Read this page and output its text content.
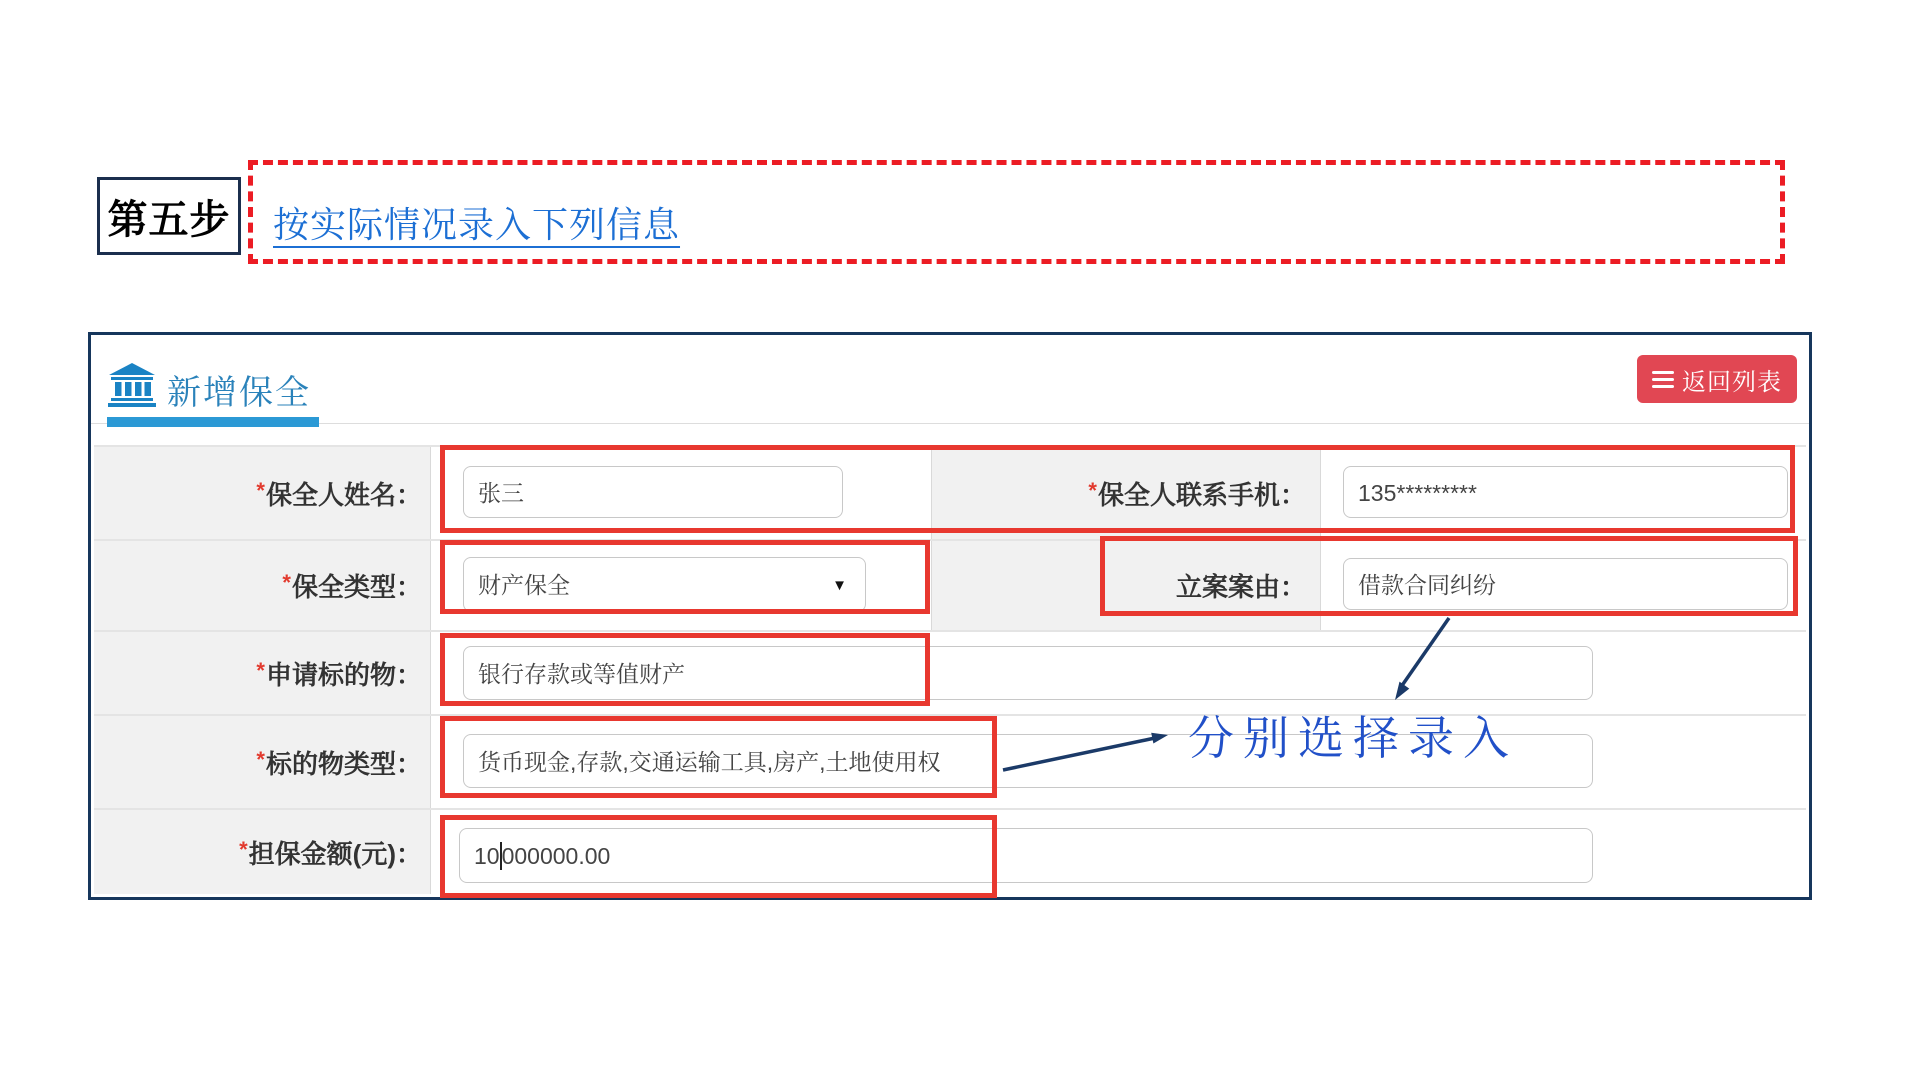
第五步 按实际情况录入下列信息
新增保全	返回列表
*保全人姓名：	张三	*保全人联系手机：	135*********
*保全类型：	财产保全	▼	立案案由：	借款合同纠纷
*申请标的物：	银行存款或等值财产
*标的物类型：	货币现金,存款,交通运输工具,房产,土地使用权
*担保金额(元)：	10000000.00
分别选择录入
